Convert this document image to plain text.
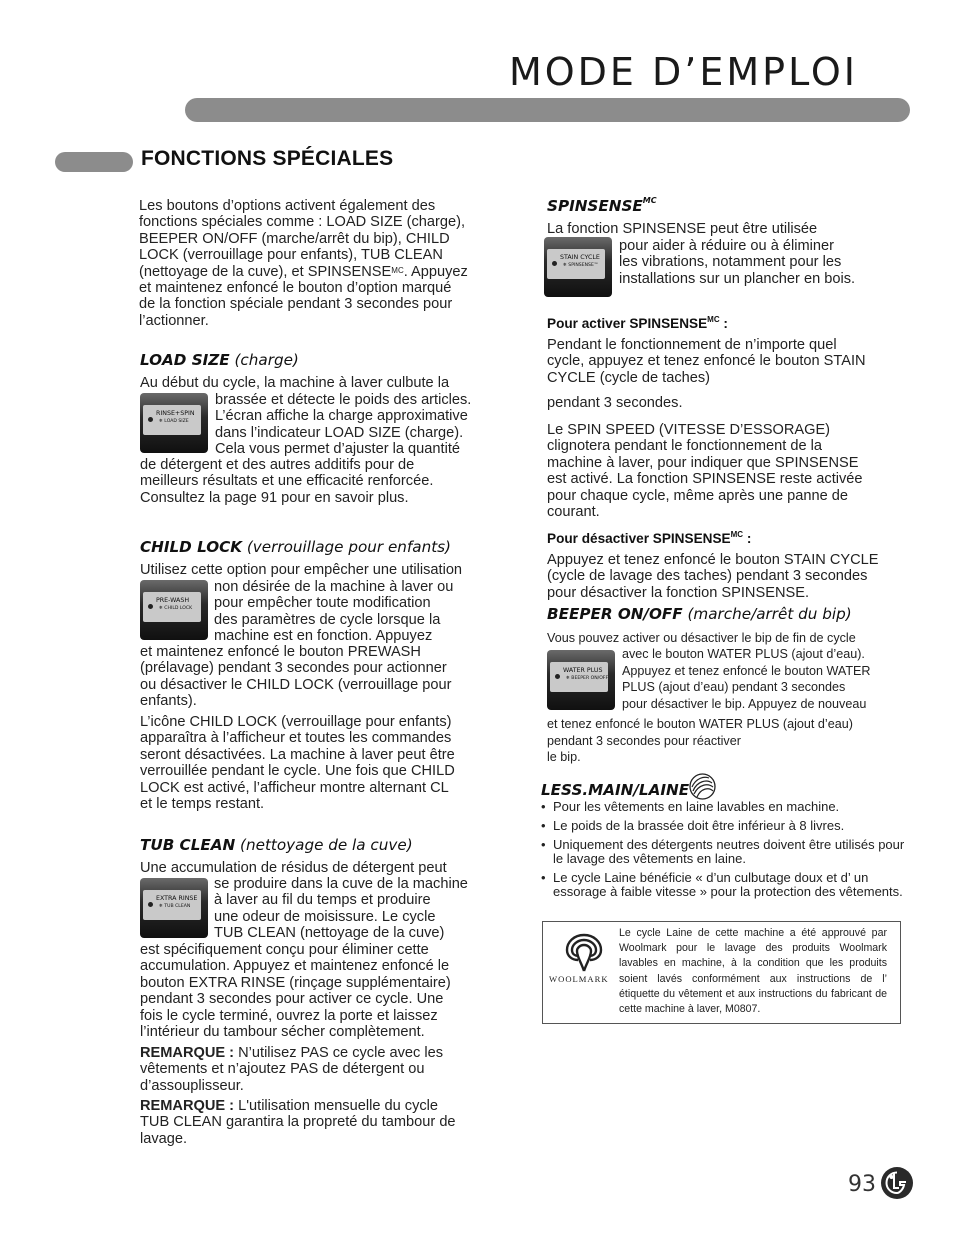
MODE D’EMPLOI
FONCTIONS SPÉCIALES

Les boutons d’options activent également des

fonctions spéciales comme : LOAD SIZE (charge),

BEEPER ON/OFF (marche/arrêt du bip), CHILD

LOCK (verrouillage pour enfants), TUB CLEAN

(nettoyage de la cuve), et $SPINSENSE^{MC}$. Appuyez

et maintenez enfoncé le bouton d’option marqué

de la fonction spéciale pendant 3 secondes pour

l’actionner.

LOAD SIZE (charge)
Au début du cycle, la machine à laver culbute la
RINSE+SPIN
❄ LOAD SIZE

brassée et détecte le poids des articles.

L’écran affiche la charge approximative

dans l’indicateur LOAD SIZE (charge).

Cela vous permet d’ajuster la quantité

de détergent et des autres additifs pour de

meilleurs résultats et une efficacité renforcée.

Consultez la page 91 pour en savoir plus.

CHILD LOCK (verrouillage pour enfants)
Utilisez cette option pour empêcher une utilisation
PRE-WASH
❄ CHILD LOCK

non désirée de la machine à laver ou

pour empêcher toute modification

des paramètres de cycle lorsque la

machine est en fonction. Appuyez

et maintenez enfoncé le bouton PREWASH

(prélavage) pendant 3 secondes pour actionner

ou désactiver le CHILD LOCK (verrouillage pour

enfants).

L’icône CHILD LOCK (verrouillage pour enfants)

apparaîtra à l’afficheur et toutes les commandes

seront désactivées. La machine à laver peut être

verrouillée pendant le cycle. Une fois que CHILD

LOCK est activé, l’afficheur montre alternant CL

et le temps restant.

TUB CLEAN (nettoyage de la cuve)
Une accumulation de résidus de détergent peut
EXTRA RINSE
❄ TUB CLEAN

se produire dans la cuve de la machine

à laver au fil du temps et produire

une odeur de moisissure. Le cycle

TUB CLEAN (nettoyage de la cuve)

est spécifiquement conçu pour éliminer cette

accumulation. Appuyez et maintenez enfoncé le

bouton EXTRA RINSE (rinçage supplémentaire)

pendant 3 secondes pour activer ce cycle. Une

fois le cycle terminé, ouvrez la porte et laissez

l’intérieur du tambour sécher complètement.

REMARQUE : N’utilisez PAS ce cycle avec les

vêtements et n’ajoutez PAS de détergent ou

d’assouplisseur.

REMARQUE : L'utilisation mensuelle du cycle

TUB CLEAN garantira la propreté du tambour de

lavage.

$SPINSENSE^{MC}$
La fonction SPINSENSE peut être utilisée
STAIN CYCLE
❄ SPINSENSE™

pour aider à réduire ou à éliminer

les vibrations, notamment pour les

installations sur un plancher en bois.

Pour activer $SPINSENSE^{MC}$ :

Pendant le fonctionnement de n’importe quel

cycle, appuyez et tenez enfoncé le bouton STAIN

CYCLE (cycle de taches)

pendant 3 secondes.

Le SPIN SPEED (VITESSE D’ESSORAGE)

clignotera pendant le fonctionnement de la

machine à laver, pour indiquer que SPINSENSE

est activé. La fonction SPINSENSE reste activée

pour chaque cycle, même après une panne de

courant.

Pour désactiver $SPINSENSE^{MC}$ :

Appuyez et tenez enfoncé le bouton STAIN CYCLE

(cycle de lavage des taches) pendant 3 secondes

pour désactiver la fonction SPINSENSE.

BEEPER ON/OFF (marche/arrêt du bip)
Vous pouvez activer ou désactiver le bip de fin de cycle
WATER PLUS
❄ BEEPER ON/OFF

avec le bouton WATER PLUS (ajout d’eau).

Appuyez et tenez enfoncé le bouton WATER

PLUS (ajout d’eau) pendant 3 secondes

pour désactiver le bip. Appuyez de nouveau

et tenez enfoncé le bouton WATER PLUS (ajout d’eau)

pendant 3 secondes pour réactiver

le bip.

LESS.MAIN/LAINE
• Pour les vêtements en laine lavables en machine.
• Le poids de la brassée doit être inférieur à 8 livres.
• Uniquement des détergents neutres doivent être utilisés pour le lavage des vêtements en laine.
• Le cycle Laine bénéficie « d’un culbutage doux et d’ un essorage à faible vitesse » pour la protection des vêtements.
WOOLMARK
Le cycle Laine de cette machine a été approuvé par Woolmark pour le lavage des produits Woolmark lavables en machine, à la condition que les produits soient lavés conformément aux instructions de l’ étiquette du vêtement et aux instructions du fabricant de cette machine à laver, M0807.
93
